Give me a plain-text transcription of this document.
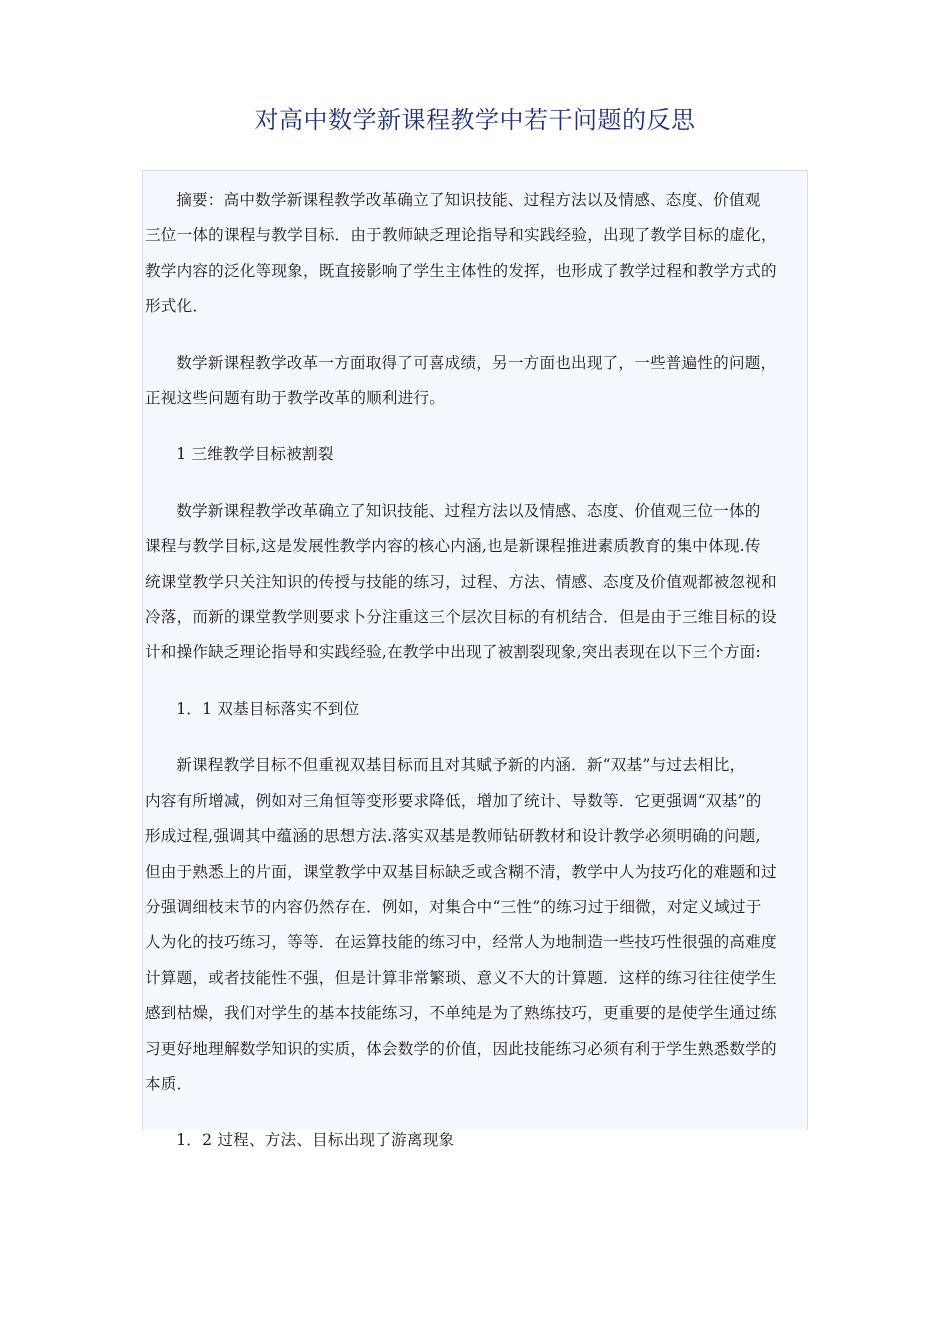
对高中数学新课程教学中若干问题的反思

摘要：高中数学新课程教学改革确立了知识技能、过程方法以及情感、态度、价值观
三位一体的课程与教学目标．由于教师缺乏理论指导和实践经验，出现了教学目标的虚化，
教学内容的泛化等现象，既直接影响了学生主体性的发挥，也形成了教学过程和教学方式的
形式化．

数学新课程教学改革一方面取得了可喜成绩，另一方面也出现了，一些普遍性的问题，
正视这些问题有助于教学改革的顺利进行。

1 三维教学目标被割裂

数学新课程教学改革确立了知识技能、过程方法以及情感、态度、价值观三位一体的
课程与教学目标,这是发展性教学内容的核心内涵,也是新课程推进素质教育的集中体现.传
统课堂教学只关注知识的传授与技能的练习，过程、方法、情感、态度及价值观都被忽视和
冷落，而新的课堂教学则要求卜分注重这三个层次目标的有机结合．但是由于三维目标的设
计和操作缺乏理论指导和实践经验,在教学中出现了被割裂现象,突出表现在以下三个方面:

1．1 双基目标落实不到位

新课程教学目标不但重视双基目标而且对其赋予新的内涵．新“双基”与过去相比，
内容有所增减，例如对三角恒等变形要求降低，增加了统计、导数等．它更强调“双基”的
形成过程,强调其中蕴涵的思想方法.落实双基是教师钻研教材和设计教学必须明确的问题,
但由于熟悉上的片面，课堂教学中双基目标缺乏或含糊不清，教学中人为技巧化的难题和过
分强调细枝末节的内容仍然存在．例如，对集合中“三性”的练习过于细微，对定义域过于
人为化的技巧练习，等等．在运算技能的练习中，经常人为地制造一些技巧性很强的高难度
计算题，或者技能性不强，但是计算非常繁琐、意义不大的计算题．这样的练习往往使学生
感到枯燥，我们对学生的基本技能练习，不单纯是为了熟练技巧，更重要的是使学生通过练
习更好地理解数学知识的实质，体会数学的价值，因此技能练习必须有利于学生熟悉数学的
本质．

1．2 过程、方法、目标出现了游离现象
